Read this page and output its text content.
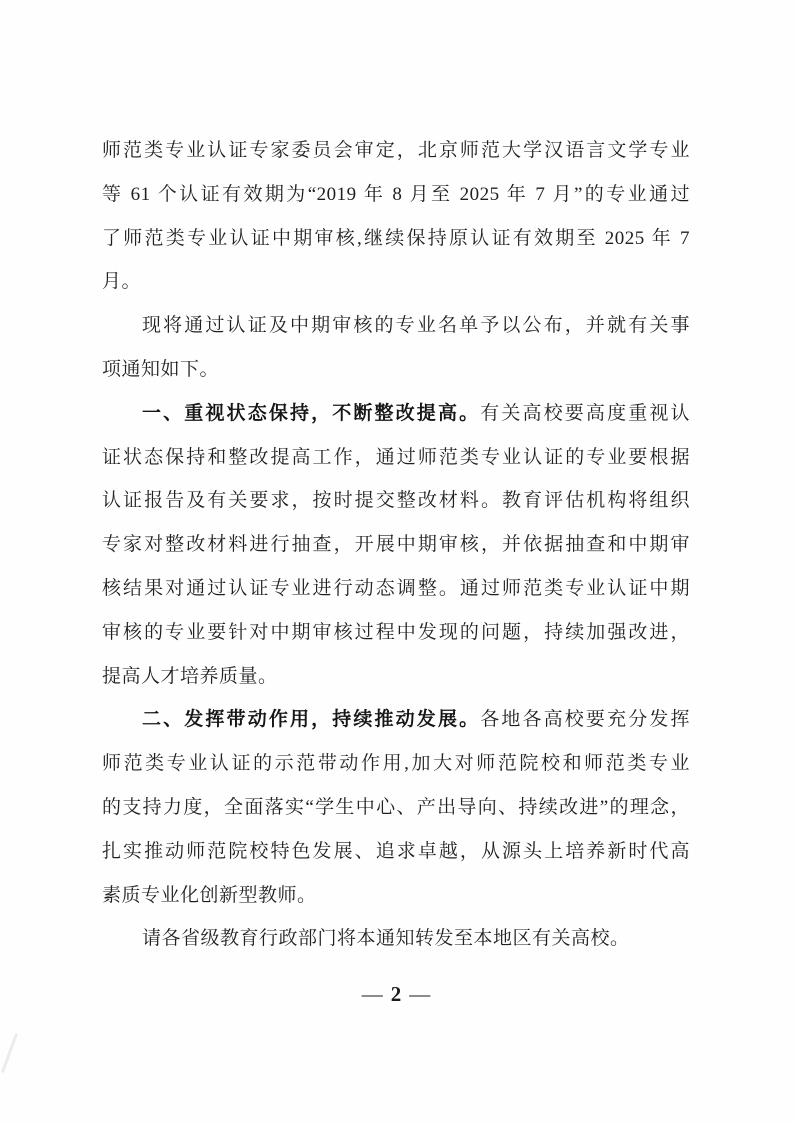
师范类专业认证专家委员会审定，北京师范大学汉语言文学专业
等 61 个认证有效期为“2019 年 8 月至 2025 年 7 月”的专业通过
了师范类专业认证中期审核,继续保持原认证有效期至 2025 年 7
月。
现将通过认证及中期审核的专业名单予以公布，并就有关事
项通知如下。
一、重视状态保持，不断整改提高。有关高校要高度重视认
证状态保持和整改提高工作，通过师范类专业认证的专业要根据
认证报告及有关要求，按时提交整改材料。教育评估机构将组织
专家对整改材料进行抽查，开展中期审核，并依据抽查和中期审
核结果对通过认证专业进行动态调整。通过师范类专业认证中期
审核的专业要针对中期审核过程中发现的问题，持续加强改进，
提高人才培养质量。
二、发挥带动作用，持续推动发展。各地各高校要充分发挥
师范类专业认证的示范带动作用,加大对师范院校和师范类专业
的支持力度，全面落实“学生中心、产出导向、持续改进”的理念，
扎实推动师范院校特色发展、追求卓越，从源头上培养新时代高
素质专业化创新型教师。
请各省级教育行政部门将本通知转发至本地区有关高校。
— 2 —
